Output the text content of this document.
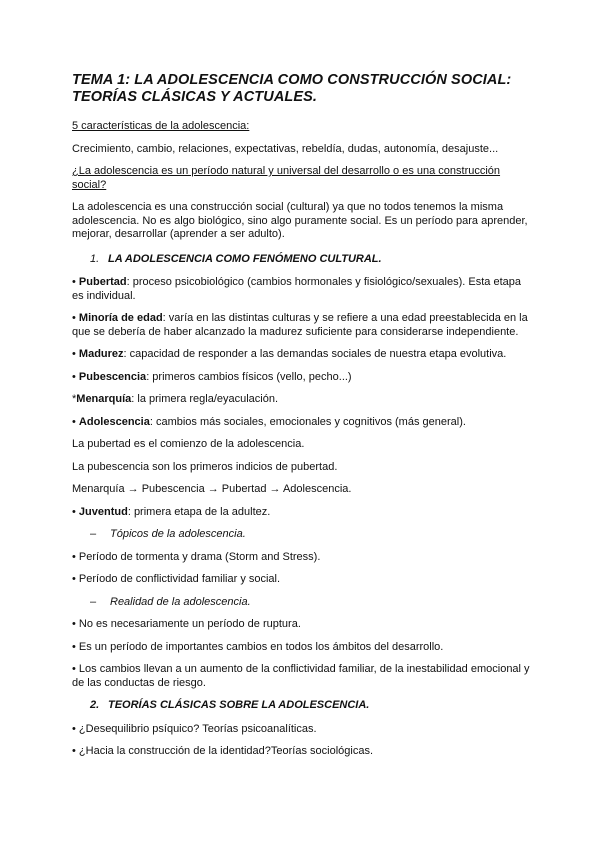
TEMA 1: LA ADOLESCENCIA COMO CONSTRUCCIÓN SOCIAL:
TEORÍAS CLÁSICAS Y ACTUALES.

5 características de la adolescencia:

Crecimiento, cambio, relaciones, expectativas, rebeldía, dudas, autonomía, desajuste...

¿La adolescencia es un período natural y universal del desarrollo o es una construcción social?

La adolescencia es una construcción social (cultural) ya que no todos tenemos la misma adolescencia. No es algo biológico, sino algo puramente social. Es un período para aprender, mejorar, desarrollar (aprender a ser adulto).

1. LA ADOLESCENCIA COMO FENÓMENO CULTURAL.

• Pubertad: proceso psicobiológico (cambios hormonales y fisiológico/sexuales). Esta etapa es individual.

• Minoría de edad: varía en las distintas culturas y se refiere a una edad preestablecida en la que se debería de haber alcanzado la madurez suficiente para considerarse independiente.

• Madurez: capacidad de responder a las demandas sociales de nuestra etapa evolutiva.

• Pubescencia: primeros cambios físicos (vello, pecho...)

*Menarquía: la primera regla/eyaculación.

• Adolescencia: cambios más sociales, emocionales y cognitivos (más general).

La pubertad es el comienzo de la adolescencia.

La pubescencia son los primeros indicios de pubertad.

Menarquía → Pubescencia → Pubertad → Adolescencia.

• Juventud: primera etapa de la adultez.

– Tópicos de la adolescencia.

• Período de tormenta y drama (Storm and Stress).

• Período de conflictividad familiar y social.

– Realidad de la adolescencia.

• No es necesariamente un período de ruptura.

• Es un período de importantes cambios en todos los ámbitos del desarrollo.

• Los cambios llevan a un aumento de la conflictividad familiar, de la inestabilidad emocional y de las conductas de riesgo.

2. TEORÍAS CLÁSICAS SOBRE LA ADOLESCENCIA.

• ¿Desequilibrio psíquico? Teorías psicoanalíticas.

• ¿Hacia la construcción de la identidad?Teorías sociológicas.
